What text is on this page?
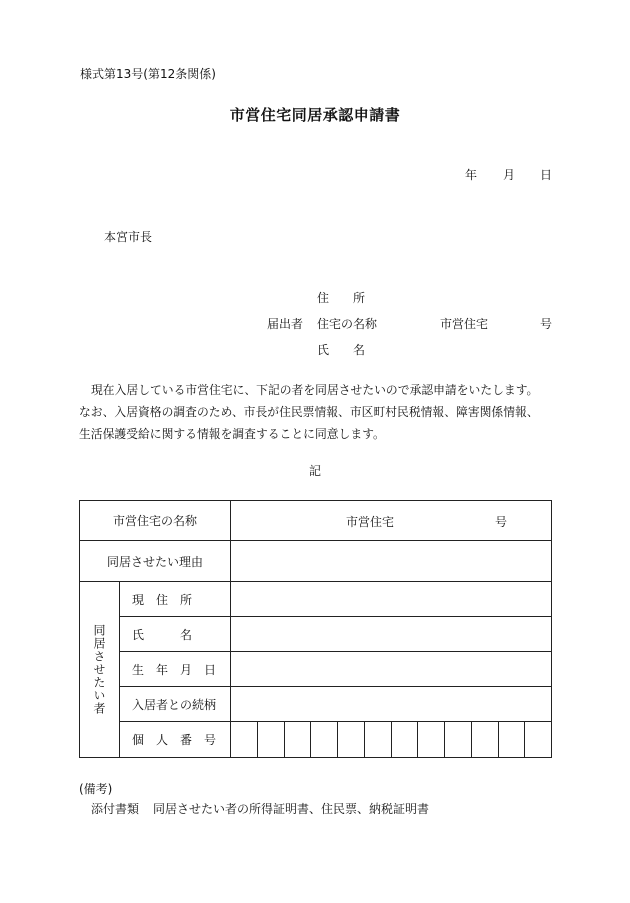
様式第13号(第12条関係)
市営住宅同居承認申請書
年 月 日
本宮市長
住　　所
届出者 住宅の名称	市営住宅	号
氏　　名
現在入居している市営住宅に、下記の者を同居させたいので承認申請をいたします。
なお、入居資格の調査のため、市長が住民票情報、市区町村民税情報、障害関係情報、
生活保護受給に関する情報を調査することに同意します。
記
市営住宅の名称		市営住宅 号

同居させたい理由		

同居させたい者	現　住　所	
	氏　　　名	
	生　年　月　日	
	入居者との続柄	
	個　人　番　号	
(備考)
添付書類 同居させたい者の所得証明書、住民票、納税証明書
